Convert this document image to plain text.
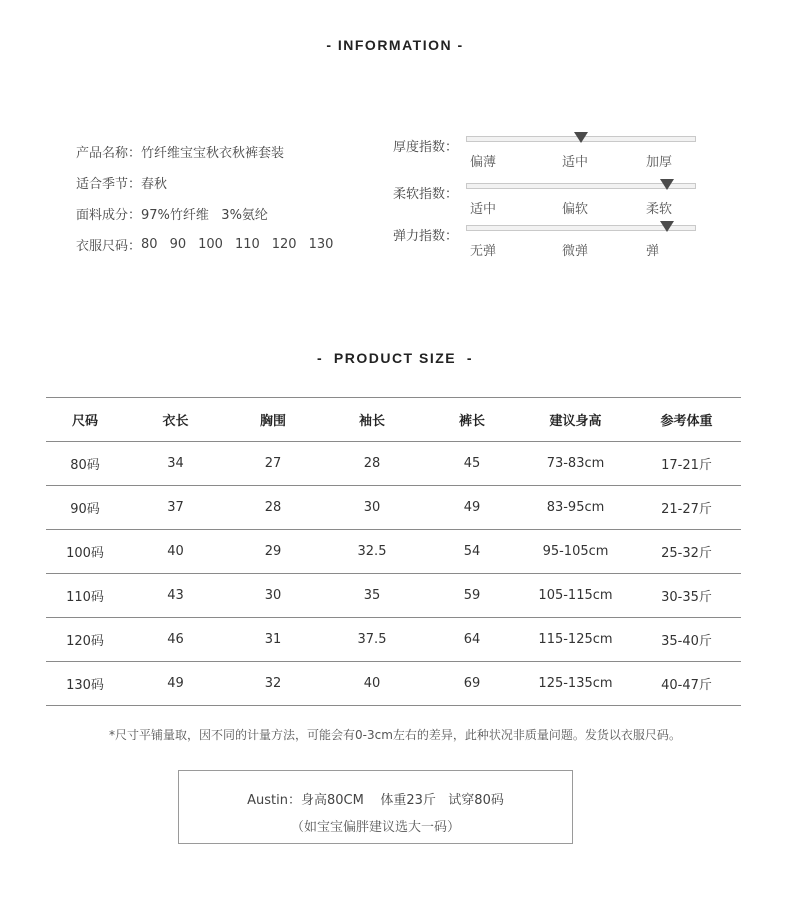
- INFORMATION -
产品名称： 竹纤维宝宝秋衣秋裤套装
适合季节： 春秋
面料成分： 97%竹纤维   3%氨纶
衣服尺码： 80 90 100 110 120 130
厚度指数：
偏薄	适中	加厚
柔软指数：
适中	偏软	柔软
弹力指数：
无弹	微弹	弹
-  PRODUCT SIZE  -
尺码	衣长	胸围	袖长	裤长	建议身高	参考体重
80码	34	27	28	45	73-83cm	17-21斤
90码	37	28	30	49	83-95cm	21-27斤
100码	40	29	32.5	54	95-105cm	25-32斤
110码	43	30	35	59	105-115cm	30-35斤
120码	46	31	37.5	64	115-125cm	35-40斤
130码	49	32	40	69	125-135cm	40-47斤
*尺寸平铺量取，因不同的计量方法，可能会有0-3cm左右的差异，此种状况非质量问题。发货以衣服尺码。
Austin：身高80CM    体重23斤   试穿80码
（如宝宝偏胖建议选大一码）
